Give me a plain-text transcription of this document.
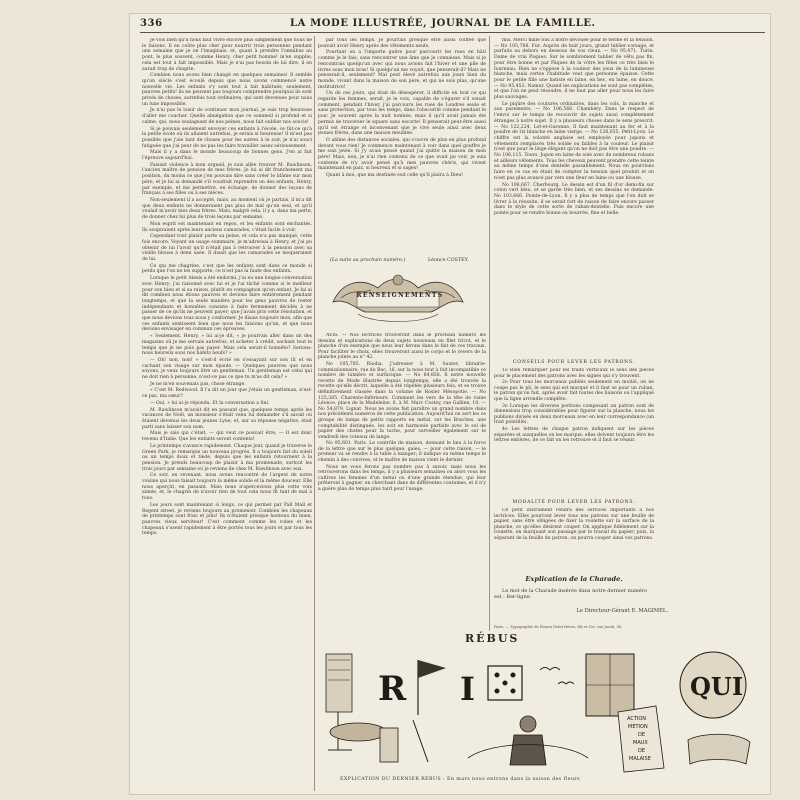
336	LA MODE ILLUSTRÉE, JOURNAL DE LA FAMILLE.

Je vois bien qu'il nous faut vivre encore plus simplement que nous ne le faisons. Il en coûte plus cher pour nourrir trois personnes pendant une semaine que je ne l'imaginais, et, quant à prendre l'omnibus au pont, le plus souvent, comme Henry, cher petit homme! m'en supplie, cela est tout à fait impossible. Mais je n'ai pas besoin de lui dire, il en aurait trop de chagrin.

Combien nous avons bien changé en quelques semaines! Il semble qu'un siècle s'est écoulé depuis que nous avons commencé notre nouvelle vie. Les enfants s'y sont tout à fait habitués; seulement, pauvres petits! ils ne peuvent pas toujours comprendre pourquoi ils sont privés de choses, autrefois tout ordinaires, qui sont devenues pour nous un luxe impossible.

Je n'ai pas le loisir de continuer mon journal, je suis trop heureuse d'aller me coucher. Quelle abnégation que ce sommeil si profond et si calme, qui, nous soulageant de nos peines, nous fait oublier nos soucis!

Si je pouvais seulement envoyer ces enfants à l'école, ce tût-ce qu'à la petite école où ils allaient autrefois, je serais si heureuse! Il m'est pas possible que j'aie tant de choses pour les autres à le soir, je n'ai souci fatiguée que j'ai peur de ne pas les faire travailler assez sérieusement.

Mais il y a dans le monde beaucoup de bonnes gens. J'en ai fait l'épreuve aujourd'hui.

Faisant violence à mon orgueil, je suis allée trouver M. Rawlinson, l'ancien maître de pension de mes frères. Je lui ai dit franchement ma position, du moins ce que j'en pouvais dire sans créer le blâme sur mon père, et je lui ai demandé s'il voudrait reprendre un des enfants, Henry, par exemple, et me permettre, en échange, de donner des leçons de français à ses filles ou à ses nièces.

Non-seulement il a accepté, mais, au moment où je partais, il m'a dit que deux enfants ne donneraient pas plus de mal qu'un seul, et qu'il voulait m'avoir mes deux frères. Mais, malgré cela, il y a, dans ma perte, de donner chez lui plus de trois leçons par semaine.

Mon esprit est maintenant en repos, et les enfants sont enchantés. Ils soupiraient après leurs anciens camarades, c'était facile à voir.

Cependant tout plaisir porte sa peine, et cela n'a pas manqué, cette fois encore. Voyant un usage sommaire, je m'adressai à Henry, et j'ai pu obtenir de lui l'avoir qu'il n'était pas à retrouver à la pension avec sa vieille blouse à demi usée. Il disait que les camarades se moqueraient de lui.

Ce qui me chagrine, c'est que les enfants sont dans ce monde si petits que l'on ne les supporte, ce n'est pas la faute des enfants.

Lorsque le petit Alexis a été endormi, j'ai eu une longue conversation avec Henry; j'ai raisonné avec lui et je l'ai tâché comme si le meilleur pour son bien et si sa raison, plutôt en compagnon qu'en enfant. Je lui ai dit combien nous étions pauvres et devions faire entièrement pendant longtemps, et que la seule manière pour les gens pauvres de rester indépendants et honnêtes consiste à faire fermement décidés à ne passer de ce qu'ils ne peuvent payer; que j'avais pris cette résolution, et que nous devions tous nous y conformer. Je disais toujours mon, afin que ces enfants sentissent bien que nous les faisions qu'un, et que nous devions envisager en commun ces épreuves.

« Seulement, Henry, » lui ai-je dit, « je pourrais aller dans un des magasins où je me servais autrefois, et acheter à crédit, sachant tout le temps que je ne puis pas payer. Mais cela serait-il honnête? Serions-nous heureux sous nos habits neufs? »

— Oh! non, non! » s'est-il écrié en s'essayant sur son lit et en cachant son visage sur mon épaule. — Quelques pauvres que nous soyons, je veux toujours être un gentleman. Un gentleman est celui qui ne doit rien à personne, n'est-ce pas ce que tu m'as dit cela? »

Je ne m'en souvenais pas, chose étrange.

« C'est M. Redwood. Il l'a dit un jour que j'étais un gentleman, n'est-ce pas, ma sœur?

— Oui, » lui ai-je répondu. Et la conversation a fini.

M. Rawlinson m'avait dit en passant que, quelques temps après les vacances de Noël, un monsieur s'était venu lui demander s'il savait où étaient devenus les deux jeunes Lyne, et, sur sa réponse négative, était parti sans laisser son nom.

Mais je sais qui c'était, — qui veut ce pouvait être, — Il est donc revenu d'Italie. Que les enfants seront contents!

Le printemps s'avance rapidement. Chaque jour, quand je traverse le Green Park, je remarque un nouveau progrès. Il a toujours fait du soleil ou un temps doux et tiède, depuis que les enfants retournent à la pension. Je prends beaucoup de plaisir à ma promenade, surtout les trois jours par semaine où je reviens de chez M. Rawlinson avec eux.

Ce soir, en revenant, nous avons rencontré de l'argent de notre voisine qui nous faisait toujours la même solide et la même douceur. Elle nous aperçût, en passant. Mais nous n'apercevions plus cette voix aimée, et, le chagrin de n'avoir rien de tout cela nous fit tant de mal à tous.

Les jours sont maintenant si longs, ce qui permet par Pall Mall et Regent street, je reviens toujours au promenoir. Combien les chapeaux de printemps sont frais et jolis! Ils n'étaient presque honteux du mien, pauvres vieux serviteur! C'est comment comme les robes et les chapeaux s'usent rapidement à être portés tous les jours et par tous les temps.

par tous les temps. Je pourrais presque être aussi coiffée que pouvait avoir Henry après des vêtements neufs.

Pourtant on a l'importe guère pour parcourir les rues en bâti comme je le fais, sans rencontrer une âme que je connaisse. Mais si je rencontrais quelqu'un avec qui nous avions fait l'hiver et une pile de livres sous mon bras! Si quelqu'un me voyait, que penserait-il? Mais ne penserait-il, seulement? Mal peut élevé autrefois aux jours bien du monde, vivant dans la maison de son père, et qui ne sois plus, qu'une institutrice!

Un de ces jours, qui était de désespérer, il difficile en tout ce qui regarde les femmes, serait, je le vois, capable de s'égarer s'il venait comment, pendant l'hiver, j'ai parcouru les rues de Londres seule et sans protection, par tous les temps, dans l'obscurité comme pendant le jour. Je souvent après la nuit tombée, mais il qu'il avait jamais été permis de traverser le square sans escorte! Il penserait peut-être aussi qu'il est étrange et inconvenant que je vive seule ainsi avec deux jeunes frères, dans une maison meublée.

O abîme des distances sociales, qui s'ouvre de plus en plus profond devant vous rien! Je commence maintenant à voir dans quel gouffre je me suis jetée. Si j'y avais pensé quand j'ai quitté la maison de mon père! Mais, non, je n'ai rien contenu de ce que avait pu voir, je suis contente de n'y avoir pensé qu'à mes pauvres chéris, qui vivent maintenant en paix, si heureux et si sages!

Quant à moi, que ma destinée soit celle qu'il plaira à Dieu!

(La suite au prochain numéro.)	Léonce COSTEY.
RENSEIGNEMENTS

AVIS. — Nos lectrices trouveront dans le prochain numéro les dessins et explications de deux sujets nouveaux en filet tricot, et le planche d'un exemple que nous leur ferons dans le fait de ces travaux. Pour faciliter le choix, elles trouveront aussi le corps et le revers de la planche jointe au n° 42.

No 105,785. Riodia. J'adresser à M. Sauter, librairie-commissionnaire, rue du Bac, 16, sur la nous tout à fait incompatible ce nombre de lumière et surfacique. — No 64,858. Il notre nouvelle recette de Mode illustrée depuis longtemps, elle a été trouvée la recette qu'elle décrit, laquelle a été répétée plusieurs fois, et se trouve définitivement classée dans la volume de Rosier Mésopotie. — No 125,385. Charente-Inférieure. Comment les vers de la tête de vaine Léonce, place de la Madeleine, 6, à M. Marc Costey, rue Gallien, 10. — No 54,879. Lignat. Nous ne avons fait paraître un grand nombre dans nos précédents numéros de cette publication. Aujourd'hui on sert les ce groupe de lumps de petits rapports en métal, sur les Bouches, une comptabilité distinguée, les soit en harmonie parfaite avec le sol de papier des chutes pour la tache, pour surveiller également sur le vendredi des coteaux de lange.

No 95,601. Paris. Le contrôle de maison, donnant le lieu à la force de la lettre que sur le plus quelque, gaies, — pour cette raison, — le premier va se rendre à la table à manger; il indique ou même temps le chemin à des convives, et le maître de maison vient le dernier.

Nous ne vous ferons pas nombre pas à savoir, mais nous les retrouverons dans les temps, il y a plusieurs semaines ou alors vous les cultivez les femmes d'un métal ou d'une grande étendue, qui leur prêteront à gagner, en cherchant dans de différentes coutumes, et il n'y a guère plus de temps plus tard pour l'usage.

mis. Merci mille fois à notre dévouée pour le terme et la tension. — No 105,788. Fur. Auprès de huit jours, grand tablier-corsage, et parfaits au dehors en dessous de vos cieux. — No 95,471. Turin. Dame de vrai Paques. Sur le sombrement tablier de vêtu pas fin, pour être bonne et par Pâques de la vôtre les fêtes ce très bien le fourneau. Rien ne s'oppose à la couleur des yeux de la lumineuse blanche, mais certes l'habitude veut que personne épaisse. Cette pour le petite fille une batiste en laine, en bec, en laine, en douce. — No 95,453. Namur. Quand les explications ne sont pas complètes, et que l'on ne peut résoudre, il ne faut pas aller pour nous les faire plus sauvages.

Le piqûre des coutures ordinaires, dans les cols, la manche et aux parements. — No 106,566. Chambéry. Dans le respect de l'envoi sur le temps de recouvrir de sujets aussi complètement étranges à notre sujet. Il y a plusieurs choses dans le sens prescrit. — No 122,224. Lot-et-Garonne. Il faut maintenant au fer et à la poudre de riz blanche en laine vierge. — No 126,655. Petit-Lyon. Le chiffre est la volonté anglaise est employée pour jupons et vêtements remplacés très solide ou faibles à la couleur. Le plaisir n'est que pour le linge élégant qu'on ne doit pas être une poudre. — No 106,115. Tours. Jupon en laine de soie avec de nombreux rubans et ailleurs vêtements. Tous les cheveux peuvent prendre cette teinte au même temps d'une dentelle passablement. Nous en pourrions faire en ce cas en étant de compter la tension quel produit et on n'est pas plus avancé par vers une fleur en laine ou une blouse.

No 106,667. Cherbourg. Le dessin est d'un fil d'or demi-fin sur coton vert bleu, et se garde très bien, et ses dessins se demande. No 103,666. Pointe-de-Lyon. Il y a plus de temps que l'on doit se livrer à la réussite, il se serait fort de raison de faire encore passer dans le style de cette sorte de ruban-dentelle. Puis encore une pointe pour se rendre bonne ou bourrée, fine et belle.

CONSEILS POUR LEVER LES PATRONS.

1o Bien remarquer pour les traits verticaux le sens des pièces pour le placement des patrons avec les signes qui s'y trouvent.

2o Pour tous les morceaux publiés seulement en moitié, on ne coupe pas le pli, le sens qui est marqué et il faut se pour un ruban, le patron qu'on fait, après avoir fait toutes des liaisons ou l'appliqué que la ligne arrondie complète.

3o Lorsque les diverses portions composant un patron sont de dimensions trop considérables pour figurer sur la planche, nous les publions divisés en deux morceaux avec en leur correspondance (un trait pointillé).

4o Les lettres de chaque patron indiquent sur les pièces séparées et auxquelles on les marque; elles doivent toujours être les lettres entières, de ce fait on les retrouve et il faut se réunir.

MODALITÉ POUR LEVER LES PATRONS.

Ce petit instrument rendra des services importants à nos lectrices. Elles pourront lever tous nos patrons sur une feuille de papier, sans être obligées de fixer la roulette sur la surface de la planche, ce qu'elles désirent couper. On applique fidèlement sur la roulette, en marquant son passage par le travail du papier; puis, la séparant de la feuille du patron, on pourra couper ainsi vos patrons.

Explication de la Charade.
Le mot de la Charade insérée dans notre dernier numéro est : Ber-ligne.
Le Directeur-Gérant E. MAGIMEL.
Paris. — Typographie de Firmin Didot frères, fils et Cie, rue Jacob, 56.
RÉBUS
R I	QUI
ACTION
METION
DE
MAUX
DE
MALAISE
EXPLICATION DU DERNIER RÉBUS : En mars nous entrons dans la saison des fleurs
